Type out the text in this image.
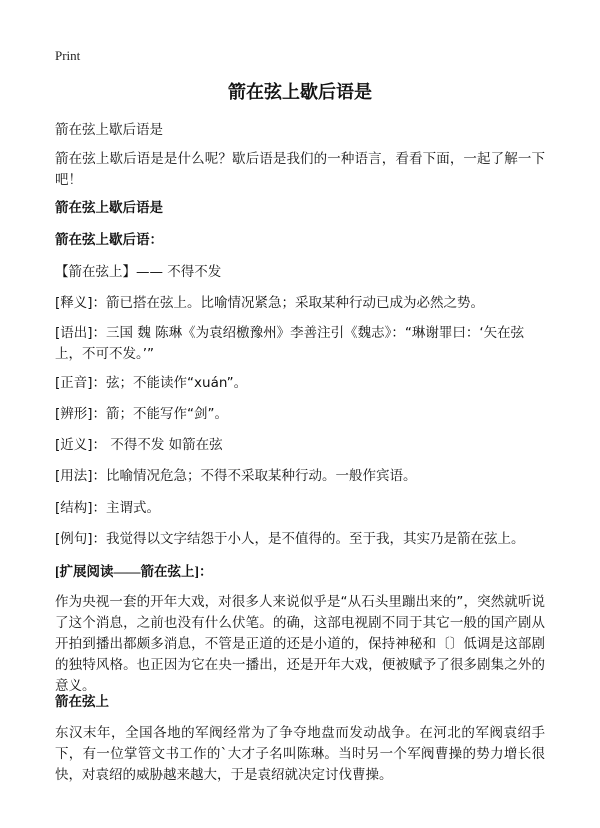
Print
箭在弦上歇后语是

箭在弦上歇后语是

箭在弦上歇后语是是什么呢？歇后语是我们的一种语言，看看下面，一起了解一下吧！

箭在弦上歇后语是

箭在弦上歇后语：

【箭在弦上】—— 不得不发

[释义]：箭已搭在弦上。比喻情况紧急；采取某种行动已成为必然之势。

[语出]：三国 魏 陈琳《为袁绍檄豫州》李善注引《魏志》：“琳谢罪曰：‘矢在弦上，不可不发。’”

[正音]：弦；不能读作“xuán”。

[辨形]：箭；不能写作“剑”。

[近义]： 不得不发 如箭在弦

[用法]：比喻情况危急；不得不采取某种行动。一般作宾语。

[结构]：主谓式。

[例句]：我觉得以文字结怨于小人，是不值得的。至于我，其实乃是箭在弦上。

[扩展阅读——箭在弦上]：

作为央视一套的开年大戏，对很多人来说似乎是“从石头里蹦出来的”，突然就听说了这个消息，之前也没有什么伏笔。的确，这部电视剧不同于其它一般的国产剧从开拍到播出都颇多消息，不管是正道的还是小道的，保持神秘和〔〕低调是这部剧的独特风格。也正因为它在央一播出，还是开年大戏，便被赋予了很多剧集之外的意义。

箭在弦上

东汉末年，全国各地的军阀经常为了争夺地盘而发动战争。在河北的军阀袁绍手下，有一位掌管文书工作的`大才子名叫陈琳。当时另一个军阀曹操的势力增长很快，对袁绍的威胁越来越大，于是袁绍就决定讨伐曹操。
